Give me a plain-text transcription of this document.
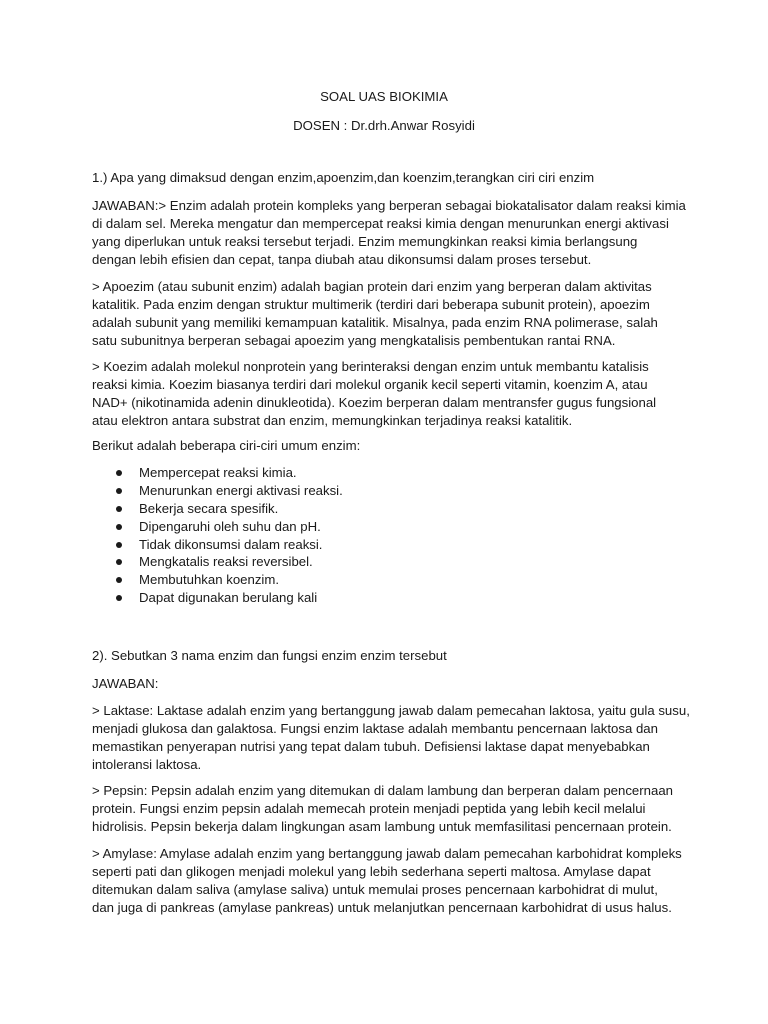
SOAL UAS BIOKIMIA
DOSEN : Dr.drh.Anwar Rosyidi
1.) Apa yang dimaksud dengan enzim,apoenzim,dan koenzim,terangkan ciri ciri enzim
JAWABAN:> Enzim adalah protein kompleks yang berperan sebagai biokatalisator dalam reaksi kimia
di dalam sel. Mereka mengatur dan mempercepat reaksi kimia dengan menurunkan energi aktivasi
yang diperlukan untuk reaksi tersebut terjadi. Enzim memungkinkan reaksi kimia berlangsung
dengan lebih efisien dan cepat, tanpa diubah atau dikonsumsi dalam proses tersebut.
> Apoezim (atau subunit enzim) adalah bagian protein dari enzim yang berperan dalam aktivitas
katalitik. Pada enzim dengan struktur multimerik (terdiri dari beberapa subunit protein), apoezim
adalah subunit yang memiliki kemampuan katalitik. Misalnya, pada enzim RNA polimerase, salah
satu subunitnya berperan sebagai apoezim yang mengkatalisis pembentukan rantai RNA.
> Koezim adalah molekul nonprotein yang berinteraksi dengan enzim untuk membantu katalisis
reaksi kimia. Koezim biasanya terdiri dari molekul organik kecil seperti vitamin, koenzim A, atau
NAD+ (nikotinamida adenin dinukleotida). Koezim berperan dalam mentransfer gugus fungsional
atau elektron antara substrat dan enzim, memungkinkan terjadinya reaksi katalitik.
Berikut adalah beberapa ciri-ciri umum enzim:
Mempercepat reaksi kimia.
Menurunkan energi aktivasi reaksi.
Bekerja secara spesifik.
Dipengaruhi oleh suhu dan pH.
Tidak dikonsumsi dalam reaksi.
Mengkatalis reaksi reversibel.
Membutuhkan koenzim.
Dapat digunakan berulang kali
2). Sebutkan 3 nama enzim dan fungsi enzim enzim tersebut
JAWABAN:
> Laktase: Laktase adalah enzim yang bertanggung jawab dalam pemecahan laktosa, yaitu gula susu,
menjadi glukosa dan galaktosa. Fungsi enzim laktase adalah membantu pencernaan laktosa dan
memastikan penyerapan nutrisi yang tepat dalam tubuh. Defisiensi laktase dapat menyebabkan
intoleransi laktosa.
> Pepsin: Pepsin adalah enzim yang ditemukan di dalam lambung dan berperan dalam pencernaan
protein. Fungsi enzim pepsin adalah memecah protein menjadi peptida yang lebih kecil melalui
hidrolisis. Pepsin bekerja dalam lingkungan asam lambung untuk memfasilitasi pencernaan protein.
> Amylase: Amylase adalah enzim yang bertanggung jawab dalam pemecahan karbohidrat kompleks
seperti pati dan glikogen menjadi molekul yang lebih sederhana seperti maltosa. Amylase dapat
ditemukan dalam saliva (amylase saliva) untuk memulai proses pencernaan karbohidrat di mulut,
dan juga di pankreas (amylase pankreas) untuk melanjutkan pencernaan karbohidrat di usus halus.
